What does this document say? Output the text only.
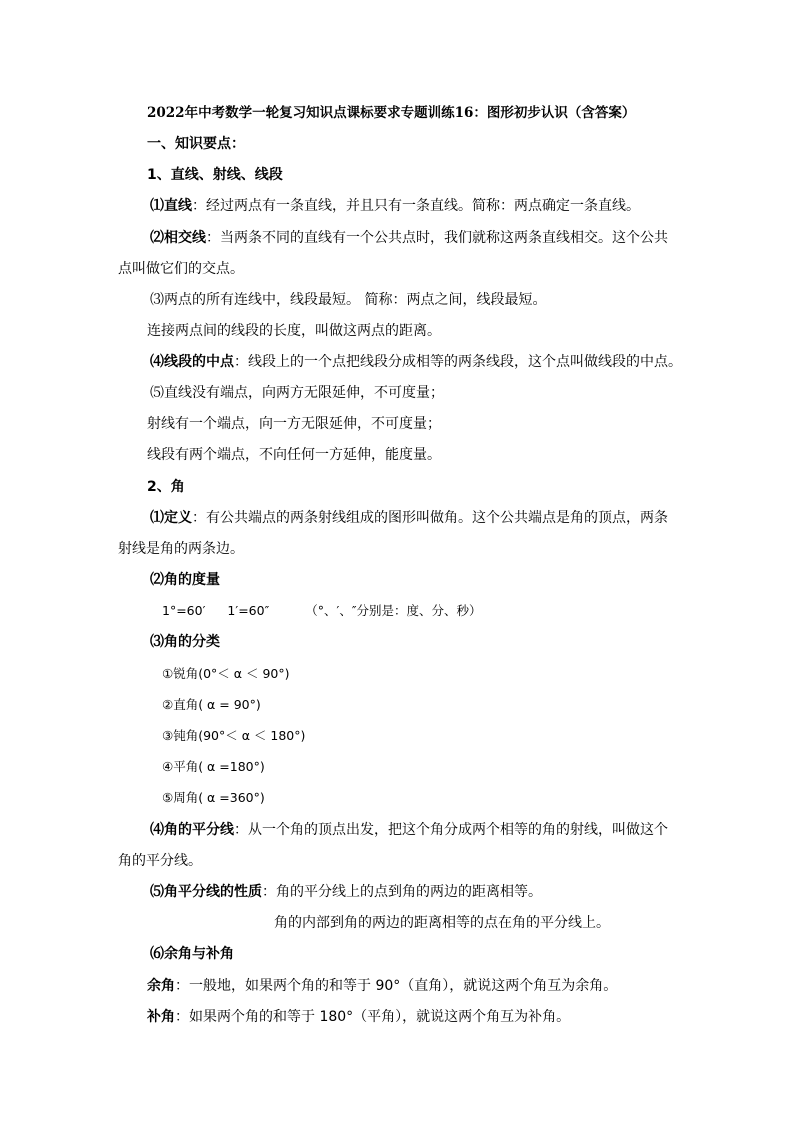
2022年中考数学一轮复习知识点课标要求专题训练16：图形初步认识（含答案）
一、知识要点：
1、直线、射线、线段
⑴直线：经过两点有一条直线，并且只有一条直线。简称：两点确定一条直线。
⑵相交线：当两条不同的直线有一个公共点时，我们就称这两条直线相交。这个公共
点叫做它们的交点。
⑶两点的所有连线中，线段最短。 简称：两点之间，线段最短。
连接两点间的线段的长度，叫做这两点的距离。
⑷线段的中点：线段上的一个点把线段分成相等的两条线段，这个点叫做线段的中点。
⑸直线没有端点，向两方无限延伸，不可度量；
射线有一个端点，向一方无限延伸，不可度量；
线段有两个端点，不向任何一方延伸，能度量。
2、角
⑴定义：有公共端点的两条射线组成的图形叫做角。这个公共端点是角的顶点，两条
射线是角的两条边。
⑵角的度量
1°=60′ 1′=60″	（°、′、″分别是：度、分、秒）
⑶角的分类
①锐角(0°＜ α ＜ 90°)
②直角( α = 90°)
③钝角(90°＜ α ＜ 180°)
④平角( α =180°)
⑤周角( α =360°)
⑷角的平分线：从一个角的顶点出发，把这个角分成两个相等的角的射线，叫做这个
角的平分线。
⑸角平分线的性质：角的平分线上的点到角的两边的距离相等。
角的内部到角的两边的距离相等的点在角的平分线上。
⑹余角与补角
余角：一般地，如果两个角的和等于 90°（直角），就说这两个角互为余角。
补角：如果两个角的和等于 180°（平角），就说这两个角互为补角。
